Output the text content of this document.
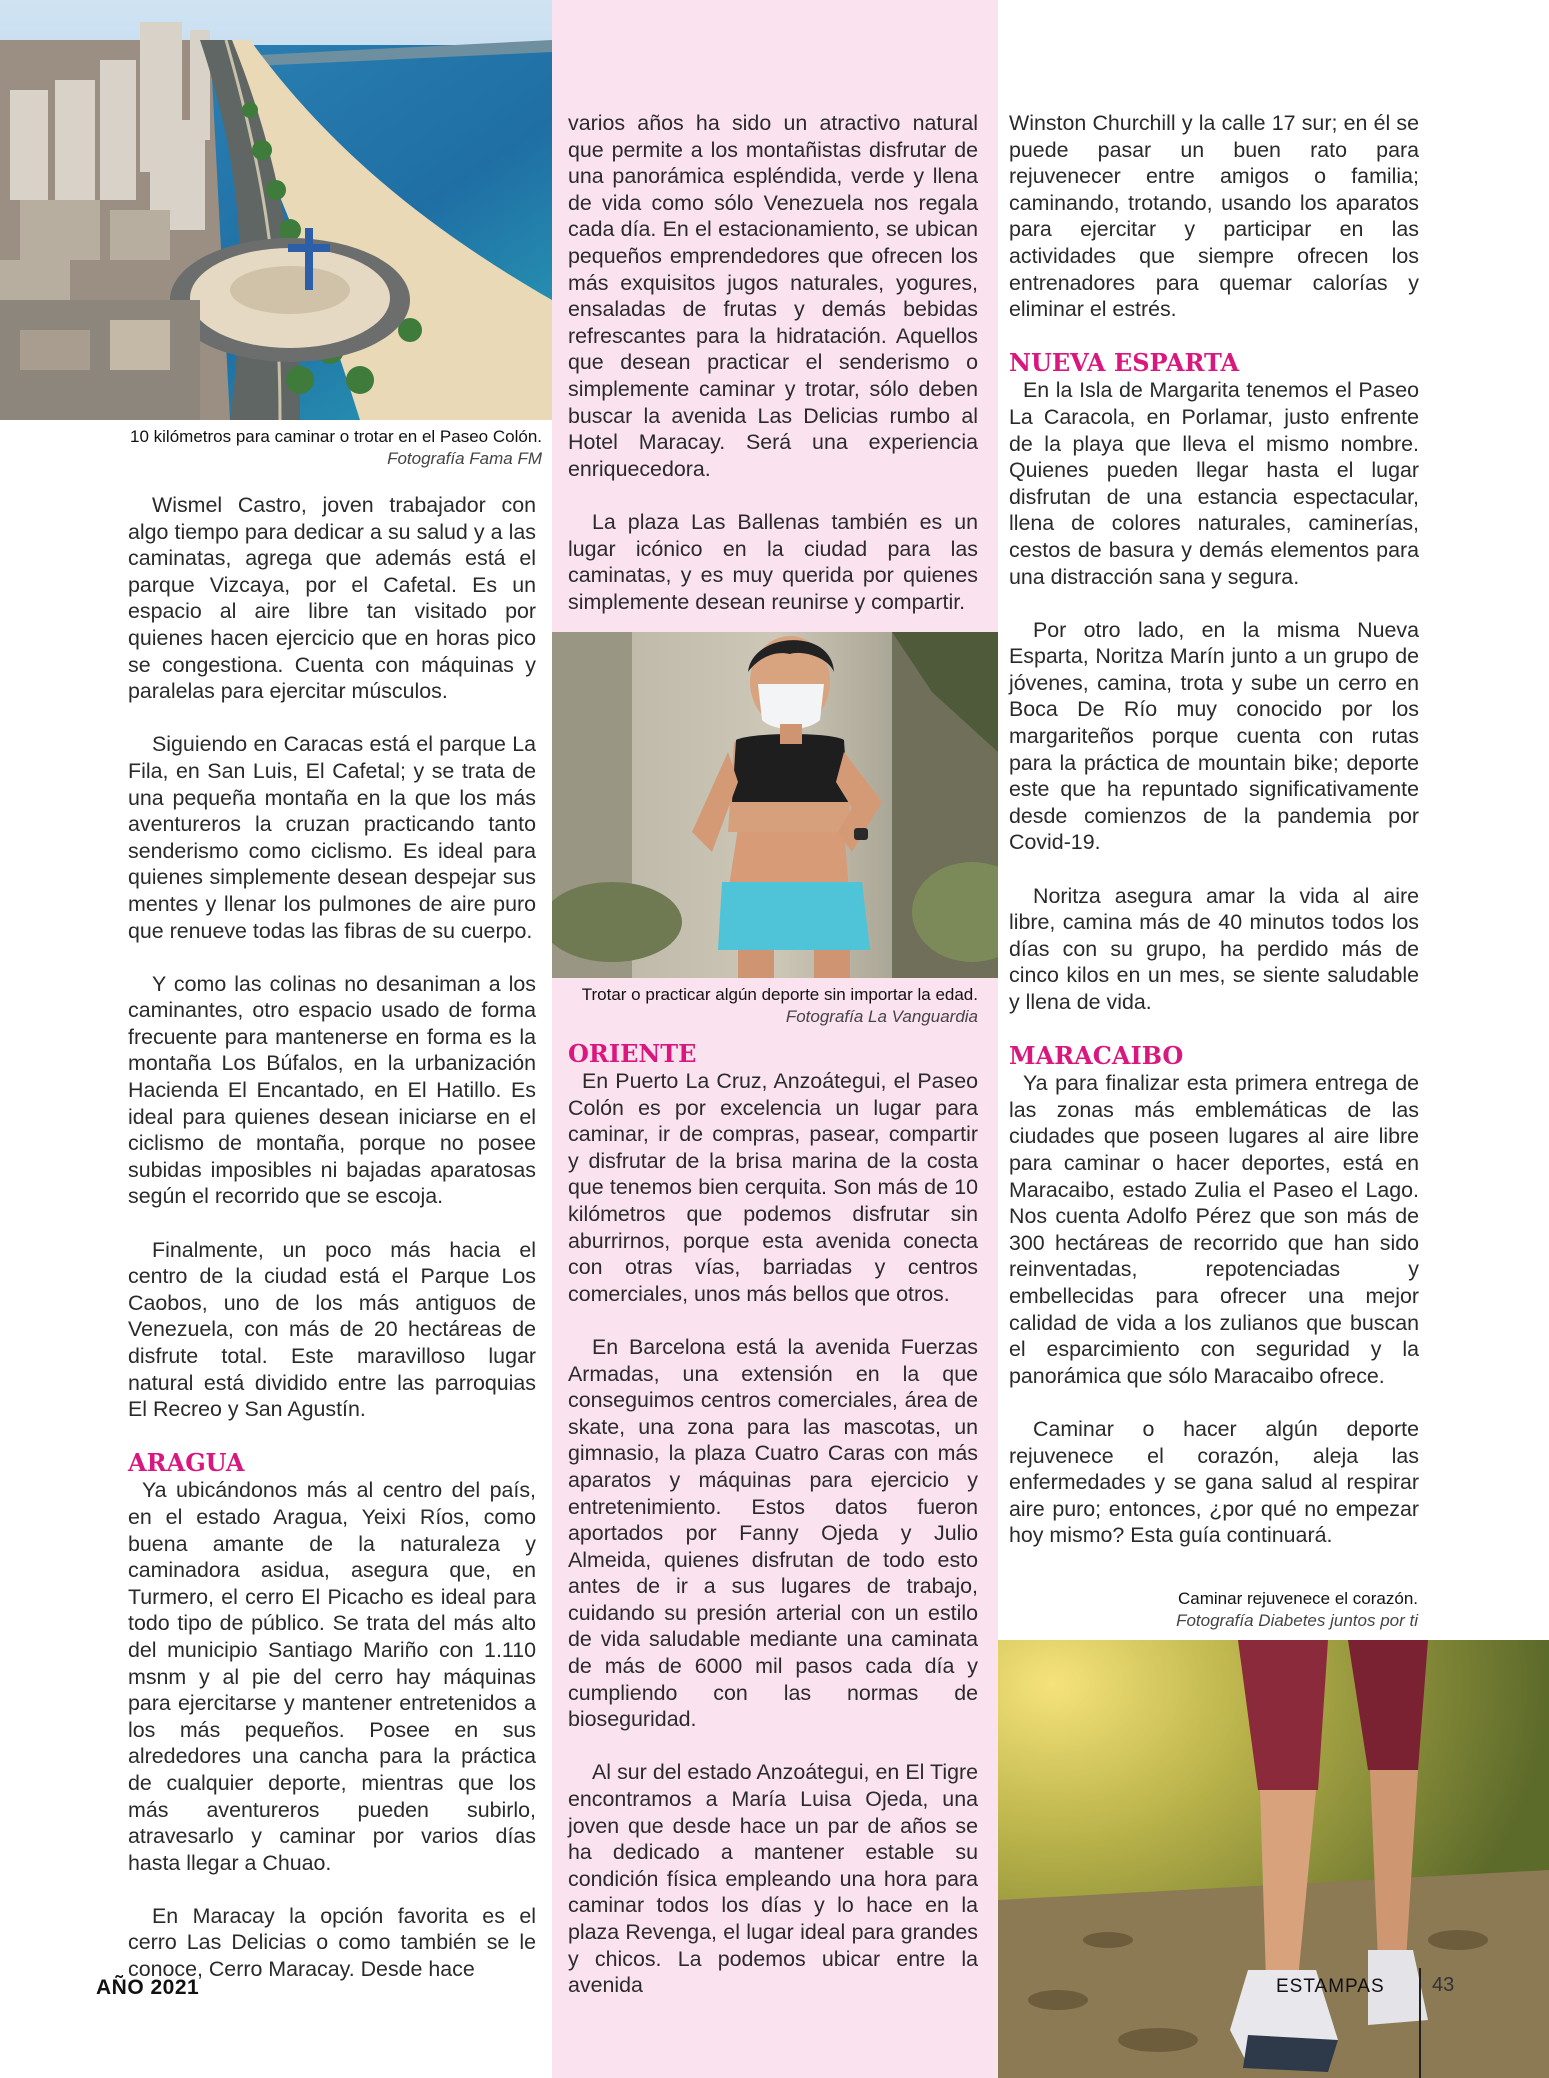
10 kilómetros para caminar o trotar en el Paseo Colón.
Fotografía Fama FM
Trotar o practicar algún deporte sin importar la edad. Fotografía La Vanguardia
Caminar rejuvenece el corazón.
Fotografía Diabetes juntos por ti

Wismel Castro, joven trabajador con algo tiempo para dedicar a su salud y a las caminatas, agrega que además está el parque Vizcaya, por el Cafetal. Es un espacio al aire libre tan visitado por quienes hacen ejercicio que en horas pico se congestiona. Cuenta con máquinas y paralelas para ejercitar músculos.

Siguiendo en Caracas está el parque La Fila, en San Luis, El Cafetal; y se trata de una pequeña montaña en la que los más aventureros la cruzan practicando tanto senderismo como ciclismo. Es ideal para quienes simplemente desean despejar sus mentes y llenar los pulmones de aire puro que renueve todas las fibras de su cuerpo.

Y como las colinas no desaniman a los caminantes, otro espacio usado de forma frecuente para mantenerse en forma es la montaña Los Búfalos, en la urbanización Hacienda El Encantado, en El Hatillo. Es ideal para quienes desean iniciarse en el ciclismo de montaña, porque no posee subidas imposibles ni bajadas aparatosas según el recorrido que se escoja.

Finalmente, un poco más hacia el centro de la ciudad está el Parque Los Caobos, uno de los más antiguos de Venezuela, con más de 20 hectáreas de disfrute total. Este maravilloso lugar natural está dividido entre las parroquias El Recreo y San Agustín.

ARAGUA

Ya ubicándonos más al centro del país, en el estado Aragua, Yeixi Ríos, como buena amante de la naturaleza y caminadora asidua, asegura que, en Turmero, el cerro El Picacho es ideal para todo tipo de público. Se trata del más alto del municipio Santiago Mariño con 1.110 msnm y al pie del cerro hay máquinas para ejercitarse y mantener entretenidos a los más pequeños. Posee en sus alrededores una cancha para la práctica de cualquier deporte, mientras que los más aventureros pueden subirlo, atravesarlo y caminar por varios días hasta llegar a Chuao.

En Maracay la opción favorita es el cerro Las Delicias o como también se le conoce, Cerro Maracay. Desde hace

varios años ha sido un atractivo natural que permite a los montañistas disfrutar de una panorámica espléndida, verde y llena de vida como sólo Venezuela nos regala cada día. En el estacionamiento, se ubican pequeños emprendedores que ofrecen los más exquisitos jugos naturales, yogures, ensaladas de frutas y demás bebidas refrescantes para la hidratación. Aquellos que desean practicar el senderismo o simplemente caminar y trotar, sólo deben buscar la avenida Las Delicias rumbo al Hotel Maracay. Será una experiencia enriquecedora.

La plaza Las Ballenas también es un lugar icónico en la ciudad para las caminatas, y es muy querida por quienes simplemente desean reunirse y compartir.

ORIENTE

En Puerto La Cruz, Anzoátegui, el Paseo Colón es por excelencia un lugar para caminar, ir de compras, pasear, compartir y disfrutar de la brisa marina de la costa que tenemos bien cerquita. Son más de 10 kilómetros que podemos disfrutar sin aburrirnos, porque esta avenida conecta con otras vías, barriadas y centros comerciales, unos más bellos que otros.

En Barcelona está la avenida Fuerzas Armadas, una extensión en la que conseguimos centros comerciales, área de skate, una zona para las mascotas, un gimnasio, la plaza Cuatro Caras con más aparatos y máquinas para ejercicio y entretenimiento. Estos datos fueron aportados por Fanny Ojeda y Julio Almeida, quienes disfrutan de todo esto antes de ir a sus lugares de trabajo, cuidando su presión arterial con un estilo de vida saludable mediante una caminata de más de 6000 mil pasos cada día y cumpliendo con las normas de bioseguridad.

Al sur del estado Anzoátegui, en El Tigre encontramos a María Luisa Ojeda, una joven que desde hace un par de años se ha dedicado a mantener estable su condición física empleando una hora para caminar todos los días y lo hace en la plaza Revenga, el lugar ideal para grandes y chicos. La podemos ubicar entre la avenida

Winston Churchill y la calle 17 sur; en él se puede pasar un buen rato para rejuvenecer entre amigos o familia; caminando, trotando, usando los aparatos para ejercitar y participar en las actividades que siempre ofrecen los entrenadores para quemar calorías y eliminar el estrés.

NUEVA ESPARTA

En la Isla de Margarita tenemos el Paseo La Caracola, en Porlamar, justo enfrente de la playa que lleva el mismo nombre. Quienes pueden llegar hasta el lugar disfrutan de una estancia espectacular, llena de colores naturales, caminerías, cestos de basura y demás elementos para una distracción sana y segura.

Por otro lado, en la misma Nueva Esparta, Noritza Marín junto a un grupo de jóvenes, camina, trota y sube un cerro en Boca De Río muy conocido por los margariteños porque cuenta con rutas para la práctica de mountain bike; deporte este que ha repuntado significativamente desde comienzos de la pandemia por Covid-19.

Noritza asegura amar la vida al aire libre, camina más de 40 minutos todos los días con su grupo, ha perdido más de cinco kilos en un mes, se siente saludable y llena de vida.

MARACAIBO

Ya para finalizar esta primera entrega de las zonas más emblemáticas de las ciudades que poseen lugares al aire libre para caminar o hacer deportes, está en Maracaibo, estado Zulia el Paseo el Lago. Nos cuenta Adolfo Pérez que son más de 300 hectáreas de recorrido que han sido reinventadas, repotenciadas y embellecidas para ofrecer una mejor calidad de vida a los zulianos que buscan el esparcimiento con seguridad y la panorámica que sólo Maracaibo ofrece.

Caminar o hacer algún deporte rejuvenece el corazón, aleja las enfermedades y se gana salud al respirar aire puro; entonces, ¿por qué no empezar hoy mismo? Esta guía continuará.

AÑO 2021	ESTAMPAS 43
